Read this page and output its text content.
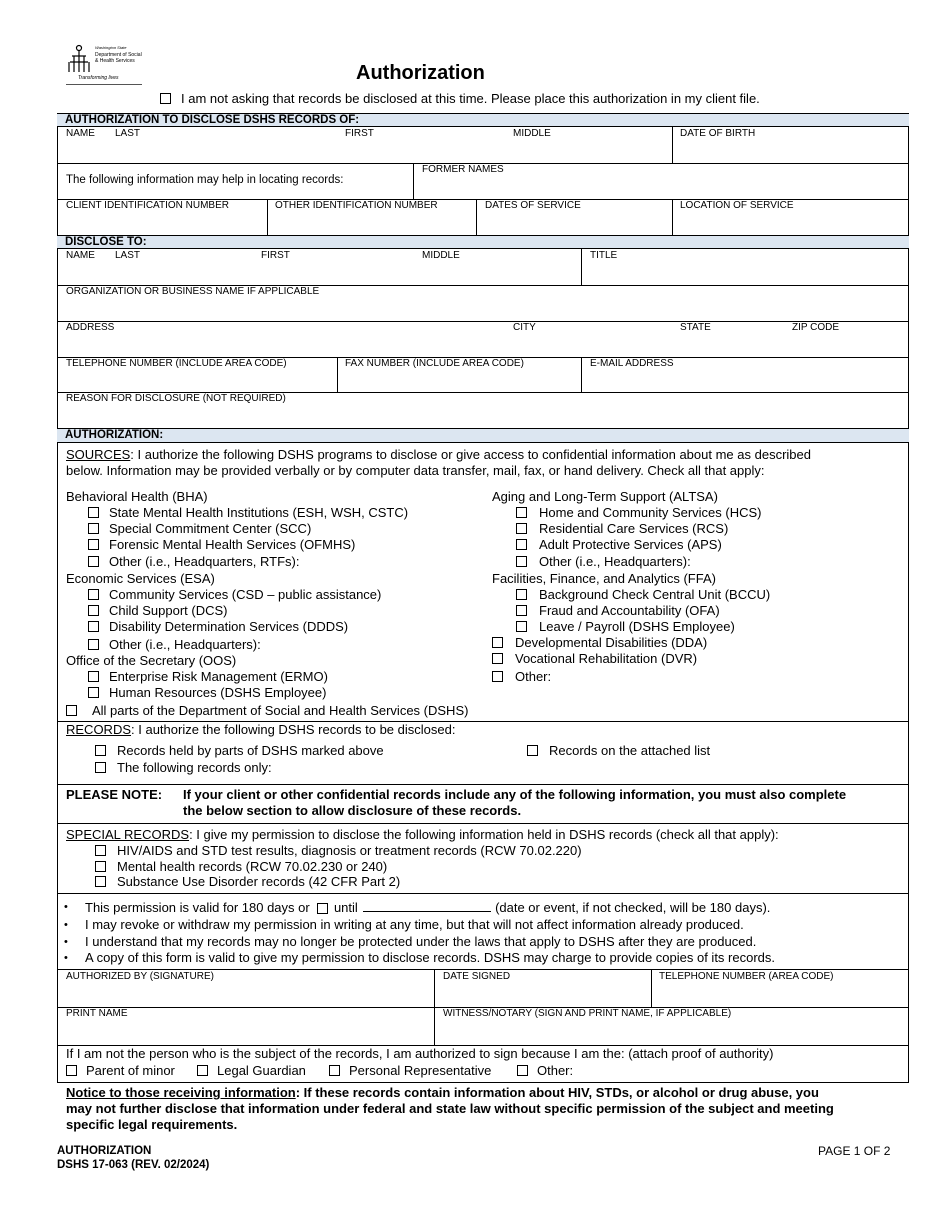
Washington State
Department of Social
& Health Services
Transforming lives	Authorization
I am not asking that records be disclosed at this time. Please place this authorization in my client file.
AUTHORIZATION TO DISCLOSE DSHS RECORDS OF:
NAME LAST	FIRST	MIDDLE	DATE OF BIRTH
The following information may help in locating records:
FORMER NAMES
CLIENT IDENTIFICATION NUMBER	OTHER IDENTIFICATION NUMBER	DATES OF SERVICE	LOCATION OF SERVICE
DISCLOSE TO:
NAME LAST	FIRST	MIDDLE	TITLE
ORGANIZATION OR BUSINESS NAME IF APPLICABLE
ADDRESS	CITY	STATE	ZIP CODE
TELEPHONE NUMBER (INCLUDE AREA CODE)	FAX NUMBER (INCLUDE AREA CODE)	E-MAIL ADDRESS
REASON FOR DISCLOSURE (NOT REQUIRED)
AUTHORIZATION:
SOURCES: I authorize the following DSHS programs to disclose or give access to confidential information about me as described
below. Information may be provided verbally or by computer data transfer, mail, fax, or hand delivery. Check all that apply:
Behavioral Health (BHA)
State Mental Health Institutions (ESH, WSH, CSTC)
Special Commitment Center (SCC)
Forensic Mental Health Services (OFMHS)
Other (i.e., Headquarters, RTFs):
Economic Services (ESA)
Community Services (CSD – public assistance)
Child Support (DCS)
Disability Determination Services (DDDS)
Other (i.e., Headquarters):
Office of the Secretary (OOS)
Enterprise Risk Management (ERMO)
Human Resources (DSHS Employee)
All parts of the Department of Social and Health Services (DSHS)
Aging and Long-Term Support (ALTSA)
Home and Community Services (HCS)
Residential Care Services (RCS)
Adult Protective Services (APS)
Other (i.e., Headquarters):
Facilities, Finance, and Analytics (FFA)
Background Check Central Unit (BCCU)
Fraud and Accountability (OFA)
Leave / Payroll (DSHS Employee)
Developmental Disabilities (DDA)
Vocational Rehabilitation (DVR)
Other:
RECORDS: I authorize the following DSHS records to be disclosed:
Records held by parts of DSHS marked above	Records on the attached list
The following records only:
PLEASE NOTE: If your client or other confidential records include any of the following information, you must also complete
the below section to allow disclosure of these records.
SPECIAL RECORDS: I give my permission to disclose the following information held in DSHS records (check all that apply):
HIV/AIDS and STD test results, diagnosis or treatment records (RCW 70.02.220)
Mental health records (RCW 70.02.230 or 240)
Substance Use Disorder records (42 CFR Part 2)
• This permission is valid for 180 days or until	(date or event, if not checked, will be 180 days).
• I may revoke or withdraw my permission in writing at any time, but that will not affect information already produced.
• I understand that my records may no longer be protected under the laws that apply to DSHS after they are produced.
• A copy of this form is valid to give my permission to disclose records. DSHS may charge to provide copies of its records.
AUTHORIZED BY (SIGNATURE)	DATE SIGNED	TELEPHONE NUMBER (AREA CODE)
PRINT NAME	WITNESS/NOTARY (SIGN AND PRINT NAME, IF APPLICABLE)
If I am not the person who is the subject of the records, I am authorized to sign because I am the: (attach proof of authority)
Parent of minor	Legal Guardian	Personal Representative	Other:
Notice to those receiving information: If these records contain information about HIV, STDs, or alcohol or drug abuse, you
may not further disclose that information under federal and state law without specific permission of the subject and meeting
specific legal requirements.
AUTHORIZATION
DSHS 17-063 (REV. 02/2024)
PAGE 1 OF 2
